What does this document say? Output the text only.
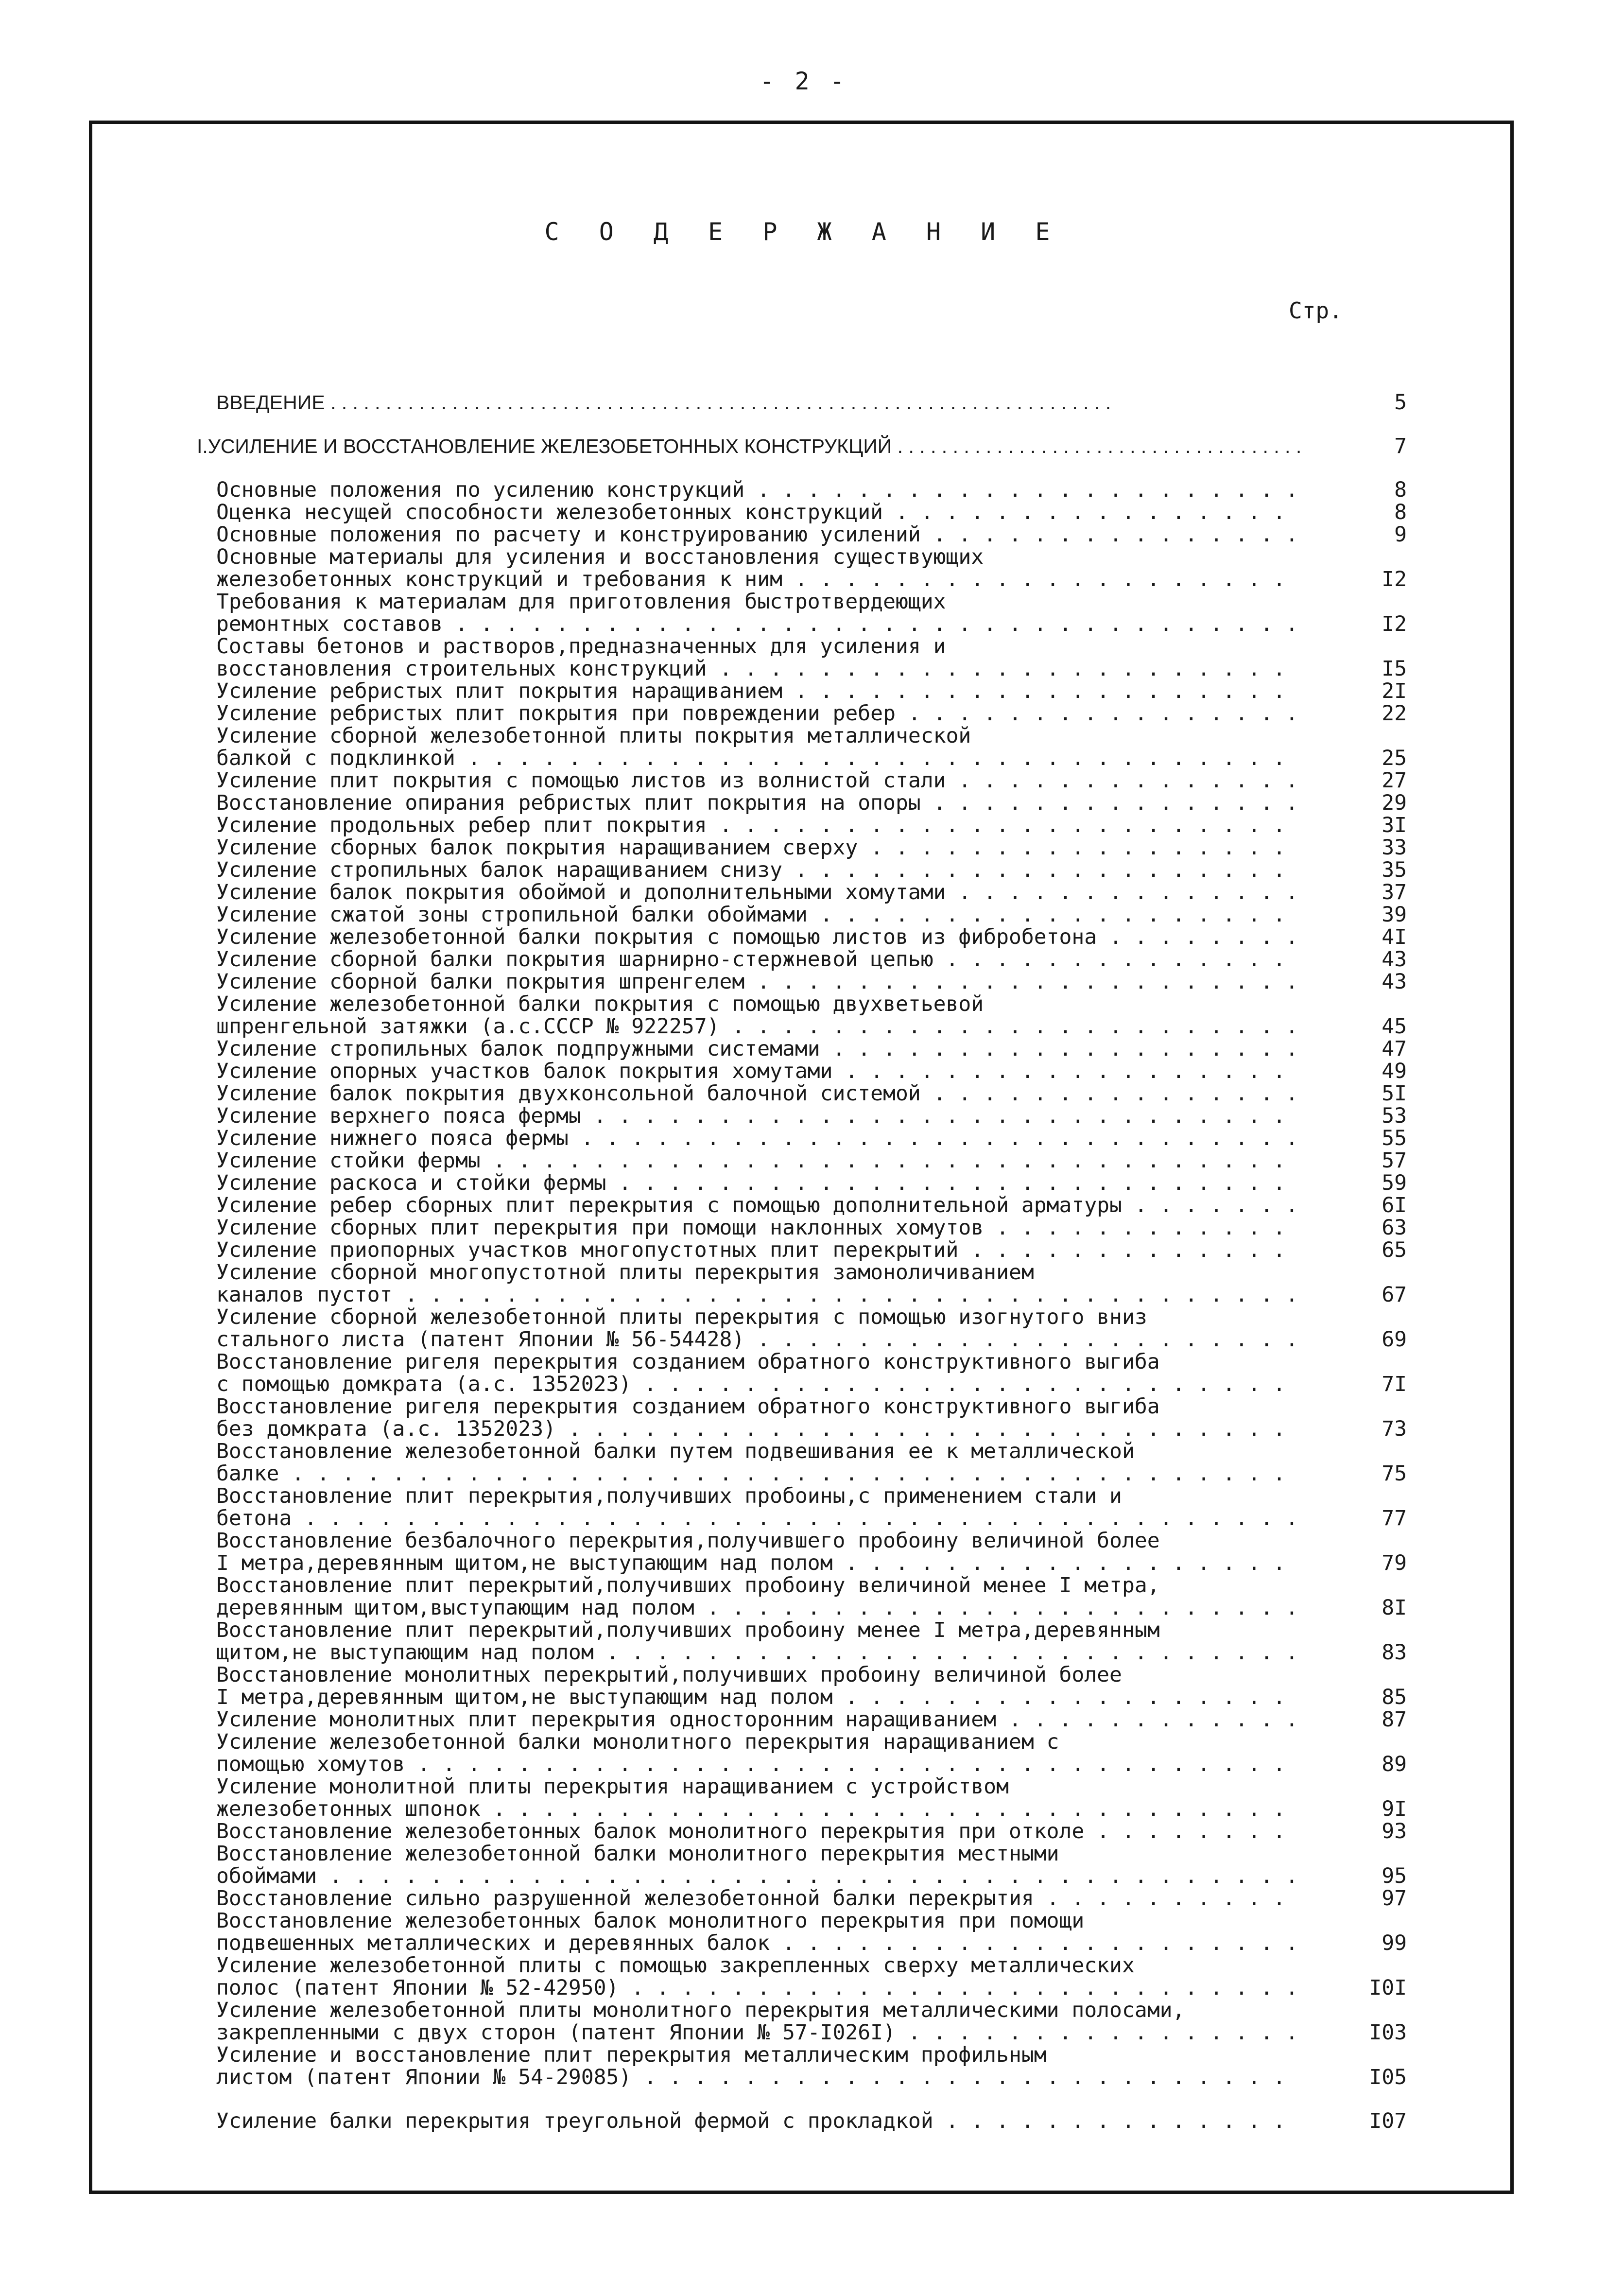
- 2 -
С О Д Е Р Ж А Н И Е
Стр.
ВВЕДЕНИЕ . . .	5
I.УСИЛЕНИЕ И ВОССТАНОВЛЕНИЕ ЖЕЛЕЗОБЕТОННЫХ КОНСТРУКЦИЙ . . .	7
Основные положения по усилению конструкций . . .	8
Оценка несущей способности железобетонных конструкций . . .	8
Основные положения по расчету и конструированию усилений . . .	9
Основные материалы для усиления и восстановления существующих
железобетонных конструкций и требования к ним . . .	I2
Требования к материалам для приготовления быстротвердеющих
ремонтных составов . . .	I2
Составы бетонов и растворов,предназначенных для усиления и
восстановления строительных конструкций . . .	I5
Усиление ребристых плит покрытия наращиванием . . .	2I
Усиление ребристых плит покрытия при повреждении ребер . . .	22
Усиление сборной железобетонной плиты покрытия металлической
балкой с подклинкой . . .	25
Усиление плит покрытия с помощью листов из волнистой стали . . .	27
Восстановление опирания ребристых плит покрытия на опоры . . .	29
Усиление продольных ребер плит покрытия . . .	3I
Усиление сборных балок покрытия наращиванием сверху . . .	33
Усиление стропильных балок наращиванием снизу . . .	35
Усиление балок покрытия обоймой и дополнительными хомутами . . .	37
Усиление сжатой зоны стропильной балки обоймами . . .	39
Усиление железобетонной балки покрытия с помощью листов из фибробетона . . .	4I
Усиление сборной балки покрытия шарнирно-стержневой цепью . . .	43
Усиление сборной балки покрытия шпренгелем . . .	43
Усиление железобетонной балки покрытия с помощью двухветьевой
шпренгельной затяжки (а.с.СССР № 922257) . . .	45
Усиление стропильных балок подпружными системами . . .	47
Усиление опорных участков балок покрытия хомутами . . .	49
Усиление балок покрытия двухконсольной балочной системой . . .	5I
Усиление верхнего пояса фермы . . .	53
Усиление нижнего пояса фермы . . .	55
Усиление стойки фермы . . .	57
Усиление раскоса и стойки фермы . . .	59
Усиление ребер сборных плит перекрытия с помощью дополнительной арматуры . . .	6I
Усиление сборных плит перекрытия при помощи наклонных хомутов . . .	63
Усиление приопорных участков многопустотных плит перекрытий . . .	65
Усиление сборной многопустотной плиты перекрытия замоноличиванием
каналов пустот . . .	67
Усиление сборной железобетонной плиты перекрытия с помощью изогнутого вниз
стального листа (патент Японии № 56-54428) . . .	69
Восстановление ригеля перекрытия созданием обратного конструктивного выгиба
с помощью домкрата (а.с. 1352023) . . .	7I
Восстановление ригеля перекрытия созданием обратного конструктивного выгиба
без домкрата (а.с. 1352023) . . .	73
Восстановление железобетонной балки путем подвешивания ее к металлической
балке . . .	75
Восстановление плит перекрытия,получивших пробоины,с применением стали и
бетона . . .	77
Восстановление безбалочного перекрытия,получившего пробоину величиной более
I метра,деревянным щитом,не выступающим над полом . . .	79
Восстановление плит перекрытий,получивших пробоину величиной менее I метра,
деревянным щитом,выступающим над полом . . .	8I
Восстановление плит перекрытий,получивших пробоину менее I метра,деревянным
щитом,не выступающим над полом . . .	83
Восстановление монолитных перекрытий,получивших пробоину величиной более
I метра,деревянным щитом,не выступающим над полом . . .	85
Усиление монолитных плит перекрытия односторонним наращиванием . . .	87
Усиление железобетонной балки монолитного перекрытия наращиванием с
помощью хомутов . . .	89
Усиление монолитной плиты перекрытия наращиванием с устройством
железобетонных шпонок . . .	9I
Восстановление железобетонных балок монолитного перекрытия при отколе . . .	93
Восстановление железобетонной балки монолитного перекрытия местными
обоймами . . .	95
Восстановление сильно разрушенной железобетонной балки перекрытия . . .	97
Восстановление железобетонных балок монолитного перекрытия при помощи
подвешенных металлических и деревянных балок . . .	99
Усиление железобетонной плиты с помощью закрепленных сверху металлических
полос (патент Японии № 52-42950) . . .	I0I
Усиление железобетонной плиты монолитного перекрытия металлическими полосами,
закрепленными с двух сторон (патент Японии № 57-I026I) . . .	I03
Усиление и восстановление плит перекрытия металлическим профильным
листом (патент Японии № 54-29085) . . .	I05
Усиление балки перекрытия треугольной фермой с прокладкой . . .	I07
